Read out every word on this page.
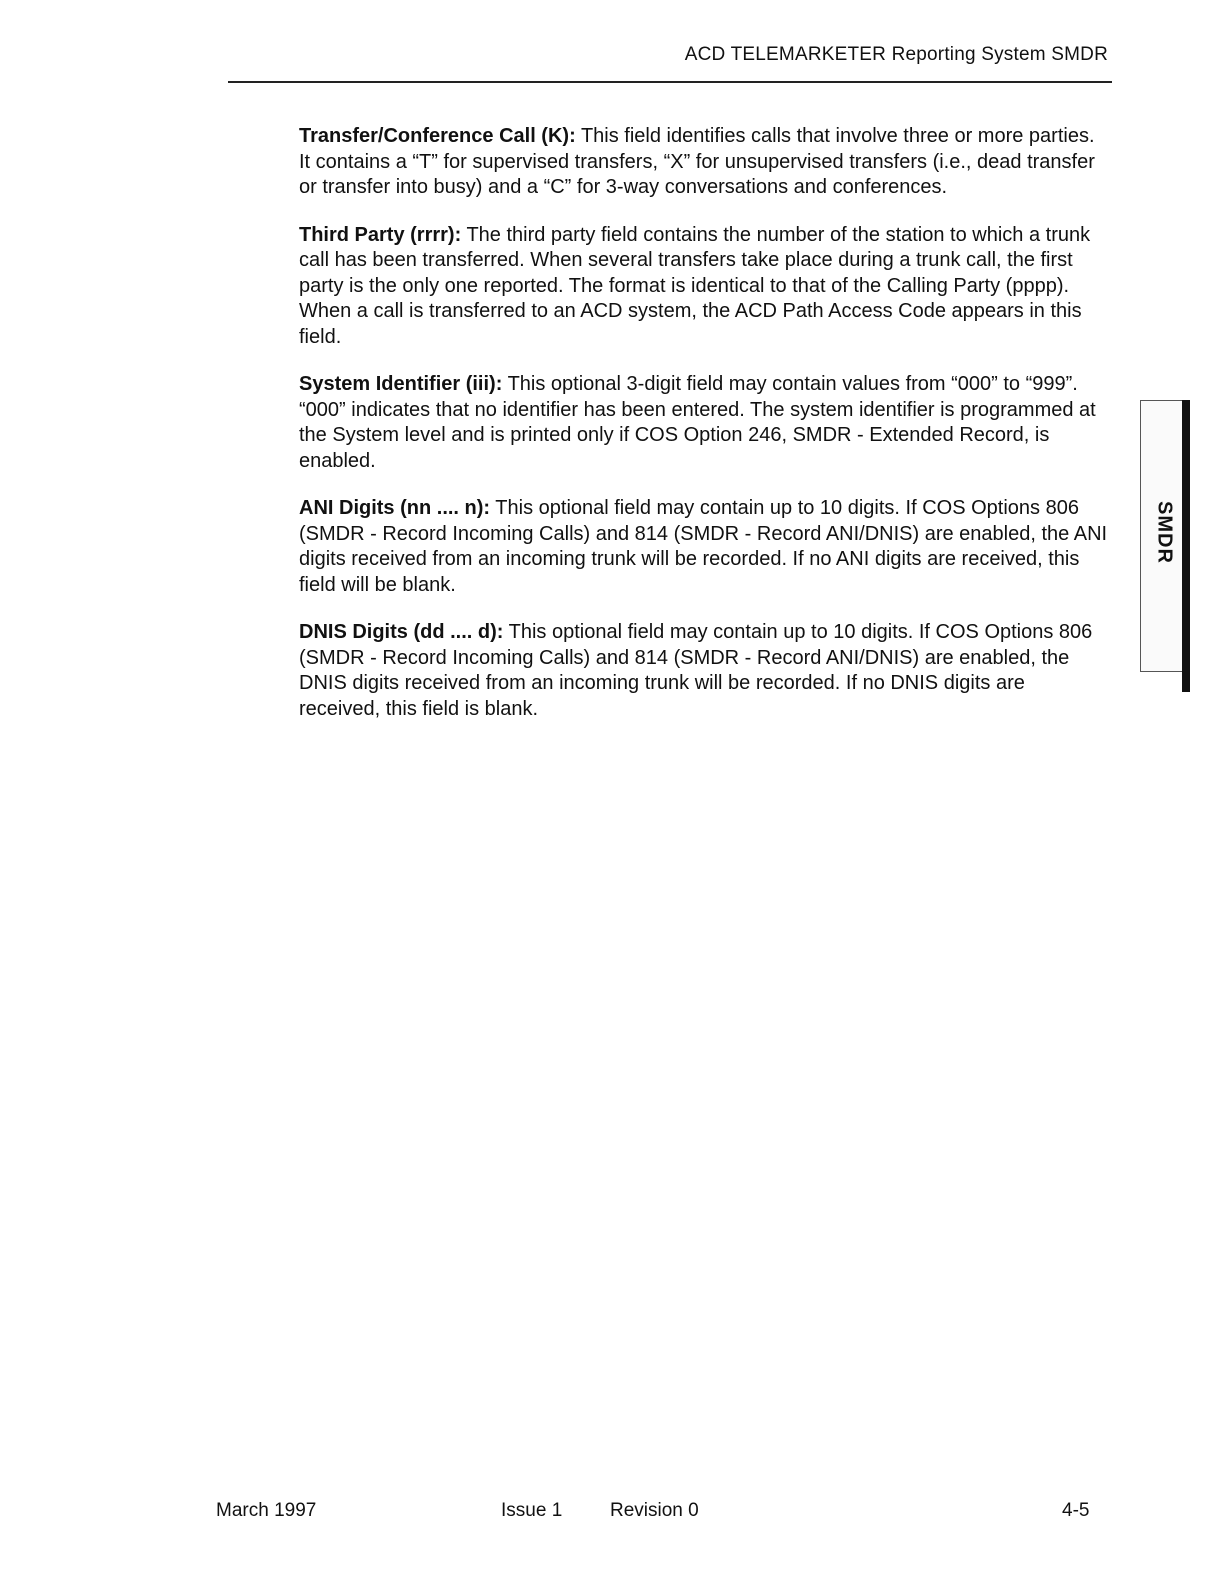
ACD TELEMARKETER Reporting System SMDR

Transfer/Conference Call (K): This field identifies calls that involve three or more parties. It contains a “T” for supervised transfers, “X” for unsupervised transfers (i.e., dead transfer or transfer into busy) and a “C” for 3-way conversations and conferences.

Third Party (rrrr): The third party field contains the number of the station to which a trunk call has been transferred. When several transfers take place during a trunk call, the first party is the only one reported. The format is identical to that of the Calling Party (pppp). When a call is transferred to an ACD system, the ACD Path Access Code appears in this field.

System Identifier (iii): This optional 3-digit field may contain values from “000” to “999”. “000” indicates that no identifier has been entered. The system identifier is programmed at the System level and is printed only if COS Option 246, SMDR - Extended Record, is enabled.

ANI Digits (nn .... n): This optional field may contain up to 10 digits. If COS Options 806 (SMDR - Record Incoming Calls) and 814 (SMDR - Record ANI/DNIS) are enabled, the ANI digits received from an incoming trunk will be recorded. If no ANI digits are received, this field will be blank.

DNIS Digits (dd .... d): This optional field may contain up to 10 digits. If COS Options 806 (SMDR - Record Incoming Calls) and 814 (SMDR - Record ANI/DNIS) are enabled, the DNIS digits received from an incoming trunk will be recorded. If no DNIS digits are received, this field is blank.

SMDR
March 1997	Issue 1	Revision 0	4-5
